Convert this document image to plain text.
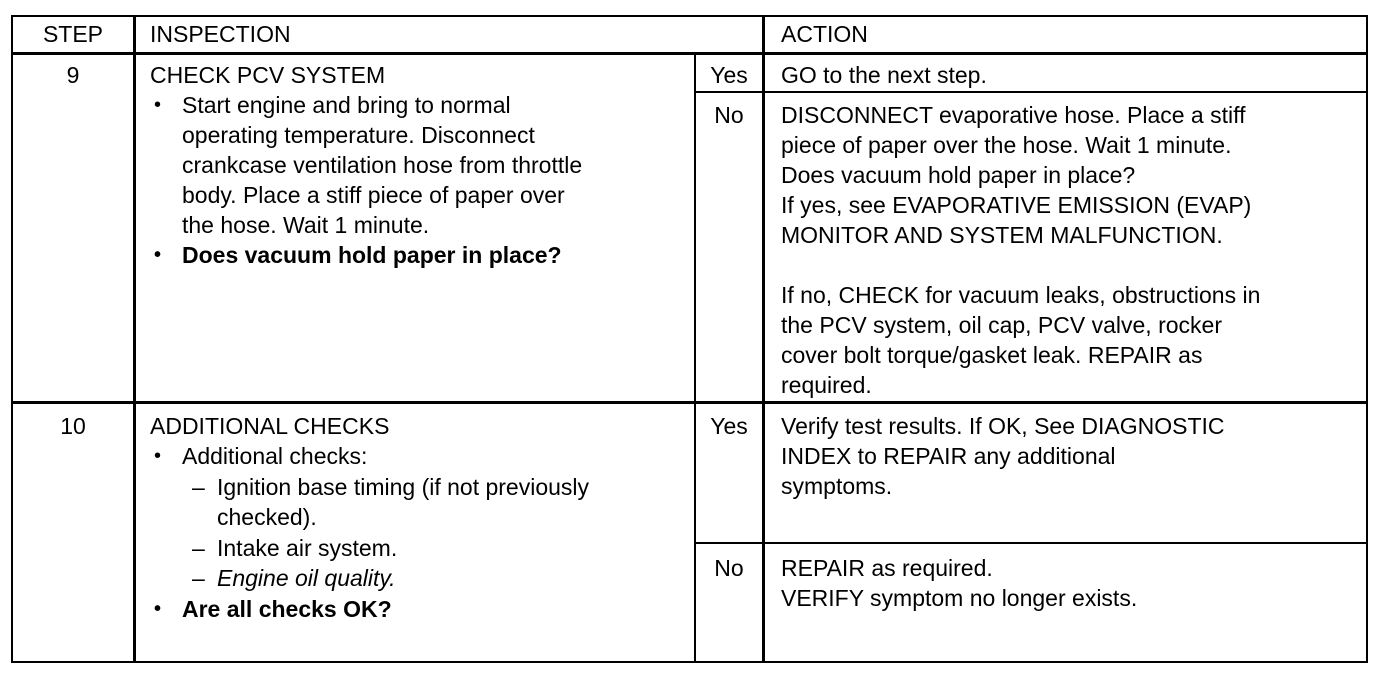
STEP	INSPECTION	ACTION
9	CHECK PCV SYSTEM
• Start engine and bring to normal
operating temperature. Disconnect
crankcase ventilation hose from throttle
body. Place a stiff piece of paper over
the hose. Wait 1 minute.
• Does vacuum hold paper in place?
Yes	GO to the next step.
No	DISCONNECT evaporative hose. Place a stiff
piece of paper over the hose. Wait 1 minute.
Does vacuum hold paper in place?
If yes, see EVAPORATIVE EMISSION (EVAP)
MONITOR AND SYSTEM MALFUNCTION.
If no, CHECK for vacuum leaks, obstructions in
the PCV system, oil cap, PCV valve, rocker
cover bolt torque/gasket leak. REPAIR as
required.
10	ADDITIONAL CHECKS
• Additional checks:
– Ignition base timing (if not previously
checked).
– Intake air system.
– Engine oil quality.
• Are all checks OK?
Yes	Verify test results. If OK, See DIAGNOSTIC
INDEX to REPAIR any additional
symptoms.
No	REPAIR as required.
VERIFY symptom no longer exists.
